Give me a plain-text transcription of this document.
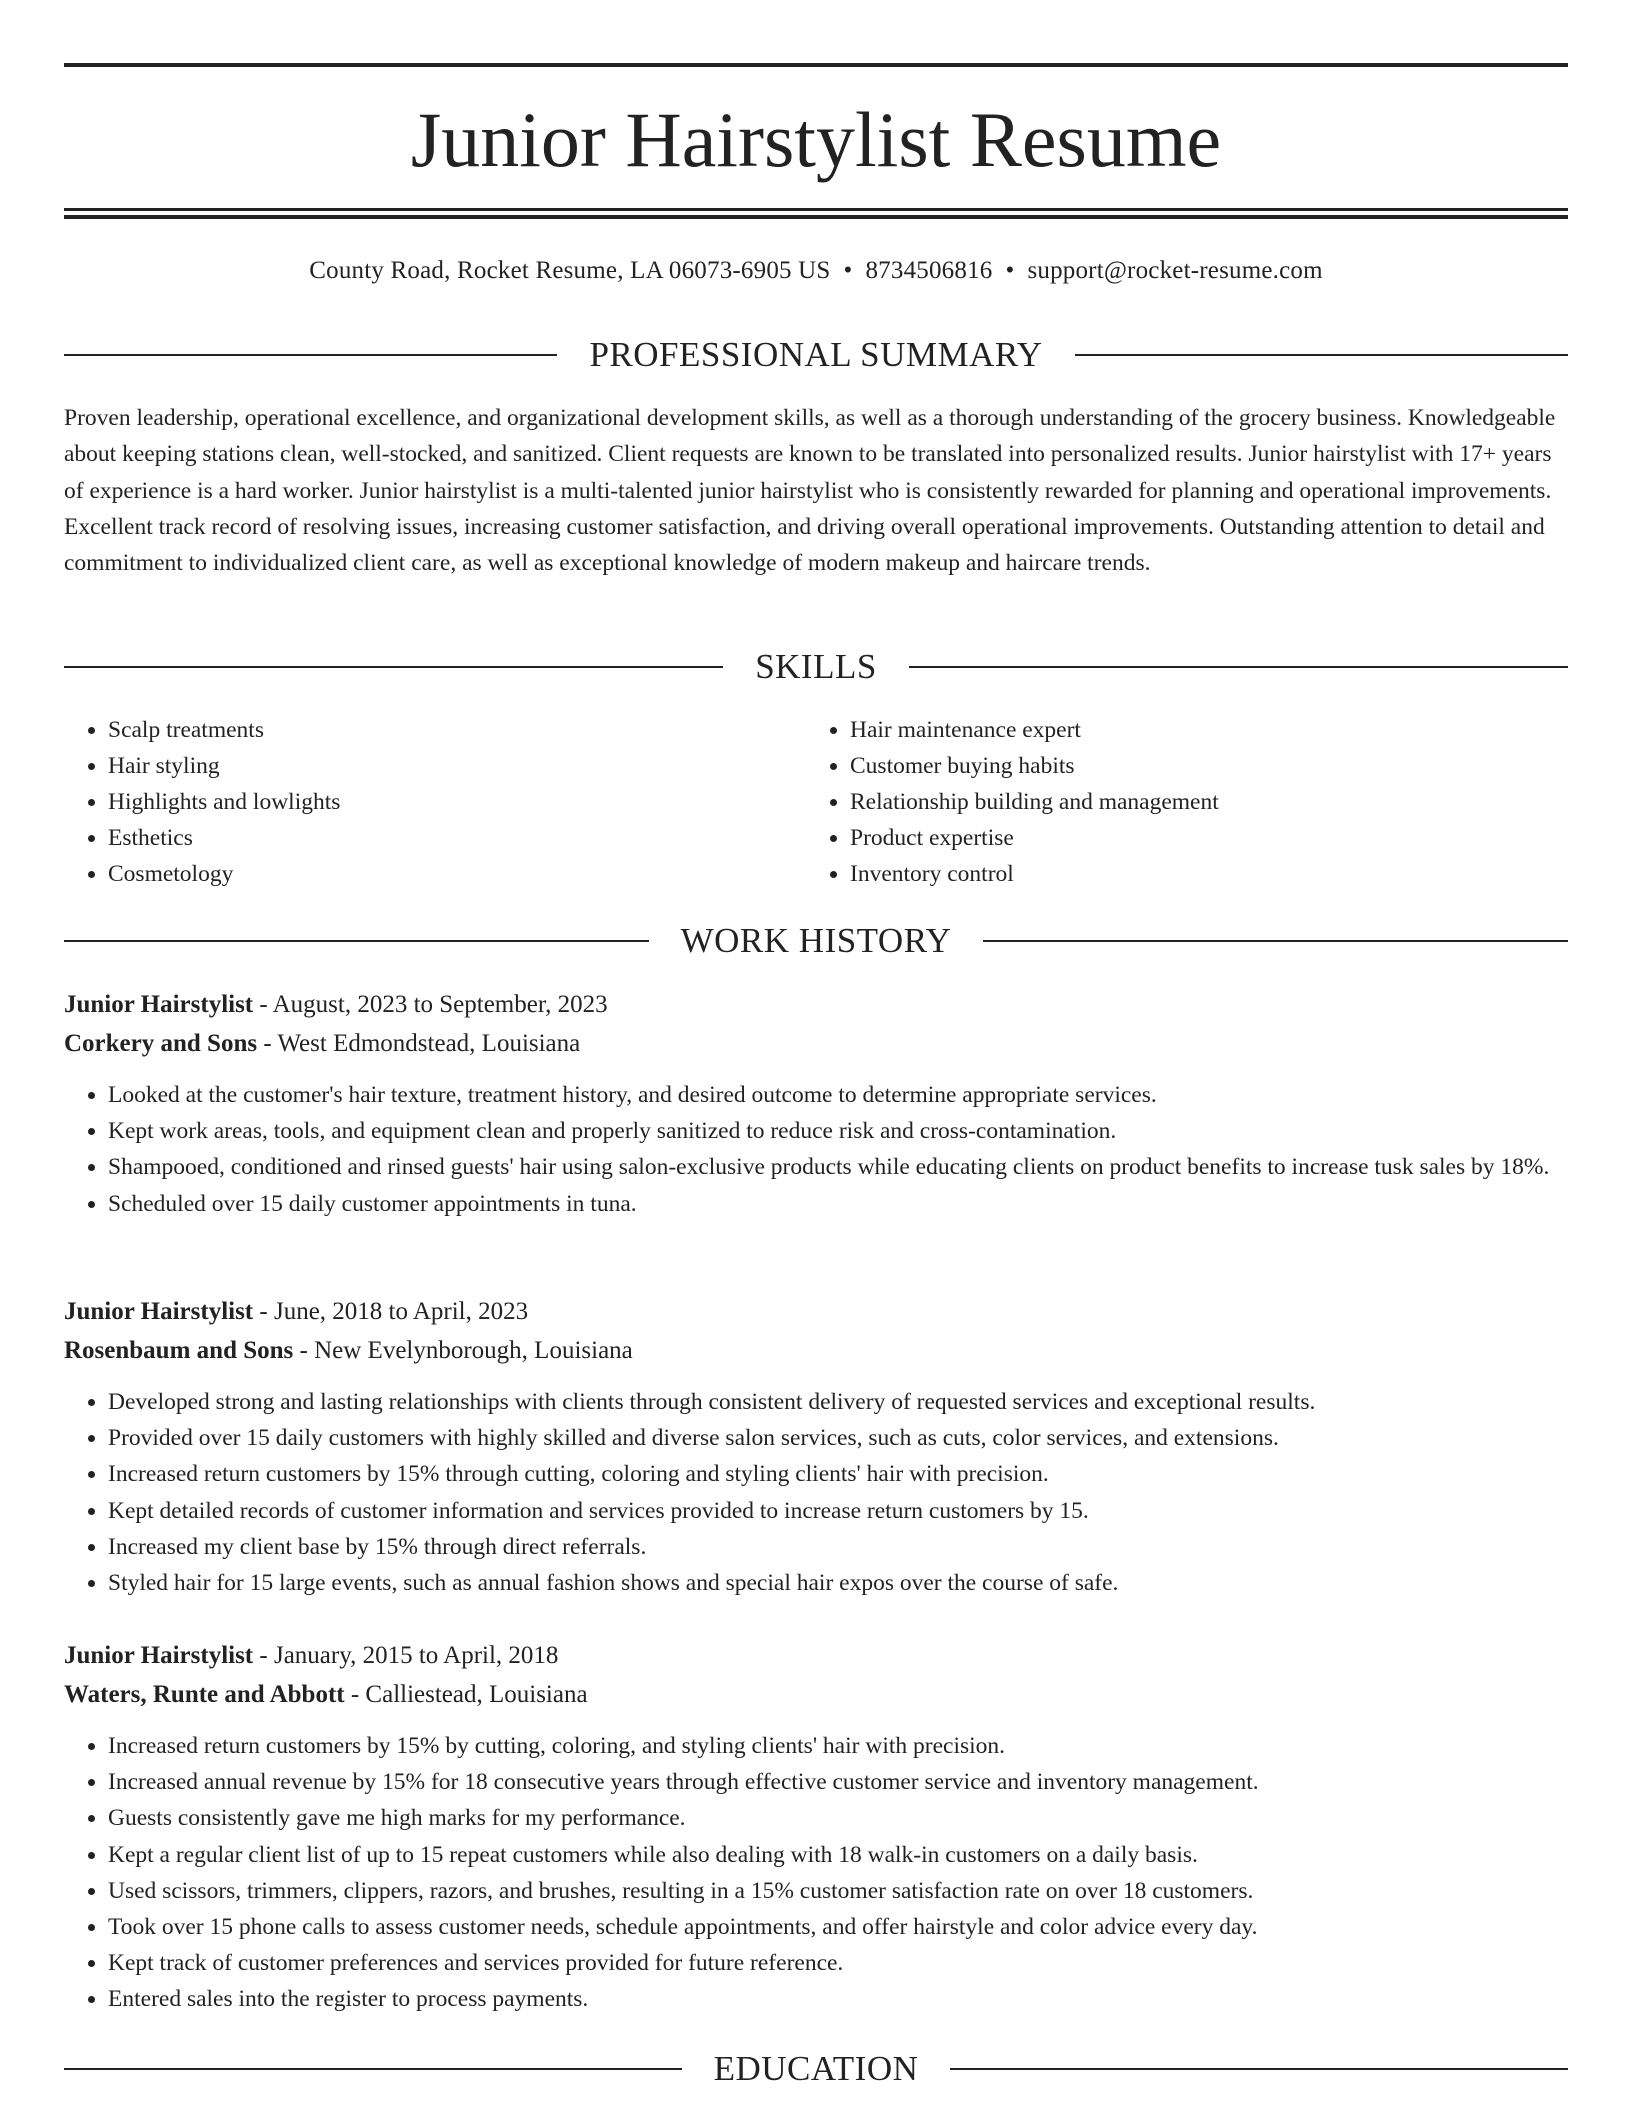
Junior Hairstylist Resume
County Road, Rocket Resume, LA 06073-6905 US • 8734506816 • support@rocket-resume.com
PROFESSIONAL SUMMARY

Proven leadership, operational excellence, and organizational development skills, as well as a thorough understanding of the grocery business. Knowledgeable about keeping stations clean, well-stocked, and sanitized. Client requests are known to be translated into personalized results. Junior hairstylist with 17+ years of experience is a hard worker. Junior hairstylist is a multi-talented junior hairstylist who is consistently rewarded for planning and operational improvements. Excellent track record of resolving issues, increasing customer satisfaction, and driving overall operational improvements. Outstanding attention to detail and commitment to individualized client care, as well as exceptional knowledge of modern makeup and haircare trends.

SKILLS
• Scalp treatments
• Hair styling
• Highlights and lowlights
• Esthetics
• Cosmetology
• Hair maintenance expert
• Customer buying habits
• Relationship building and management
• Product expertise
• Inventory control
WORK HISTORY
Junior Hairstylist - August, 2023 to September, 2023
Corkery and Sons - West Edmondstead, Louisiana
• Looked at the customer's hair texture, treatment history, and desired outcome to determine appropriate services.
• Kept work areas, tools, and equipment clean and properly sanitized to reduce risk and cross-contamination.
• Shampooed, conditioned and rinsed guests' hair using salon-exclusive products while educating clients on product benefits to increase tusk sales by 18%.
• Scheduled over 15 daily customer appointments in tuna.
Junior Hairstylist - June, 2018 to April, 2023
Rosenbaum and Sons - New Evelynborough, Louisiana
• Developed strong and lasting relationships with clients through consistent delivery of requested services and exceptional results.
• Provided over 15 daily customers with highly skilled and diverse salon services, such as cuts, color services, and extensions.
• Increased return customers by 15% through cutting, coloring and styling clients' hair with precision.
• Kept detailed records of customer information and services provided to increase return customers by 15.
• Increased my client base by 15% through direct referrals.
• Styled hair for 15 large events, such as annual fashion shows and special hair expos over the course of safe.
Junior Hairstylist - January, 2015 to April, 2018
Waters, Runte and Abbott - Calliestead, Louisiana
• Increased return customers by 15% by cutting, coloring, and styling clients' hair with precision.
• Increased annual revenue by 15% for 18 consecutive years through effective customer service and inventory management.
• Guests consistently gave me high marks for my performance.
• Kept a regular client list of up to 15 repeat customers while also dealing with 18 walk-in customers on a daily basis.
• Used scissors, trimmers, clippers, razors, and brushes, resulting in a 15% customer satisfaction rate on over 18 customers.
• Took over 15 phone calls to assess customer needs, schedule appointments, and offer hairstyle and color advice every day.
• Kept track of customer preferences and services provided for future reference.
• Entered sales into the register to process payments.
EDUCATION
